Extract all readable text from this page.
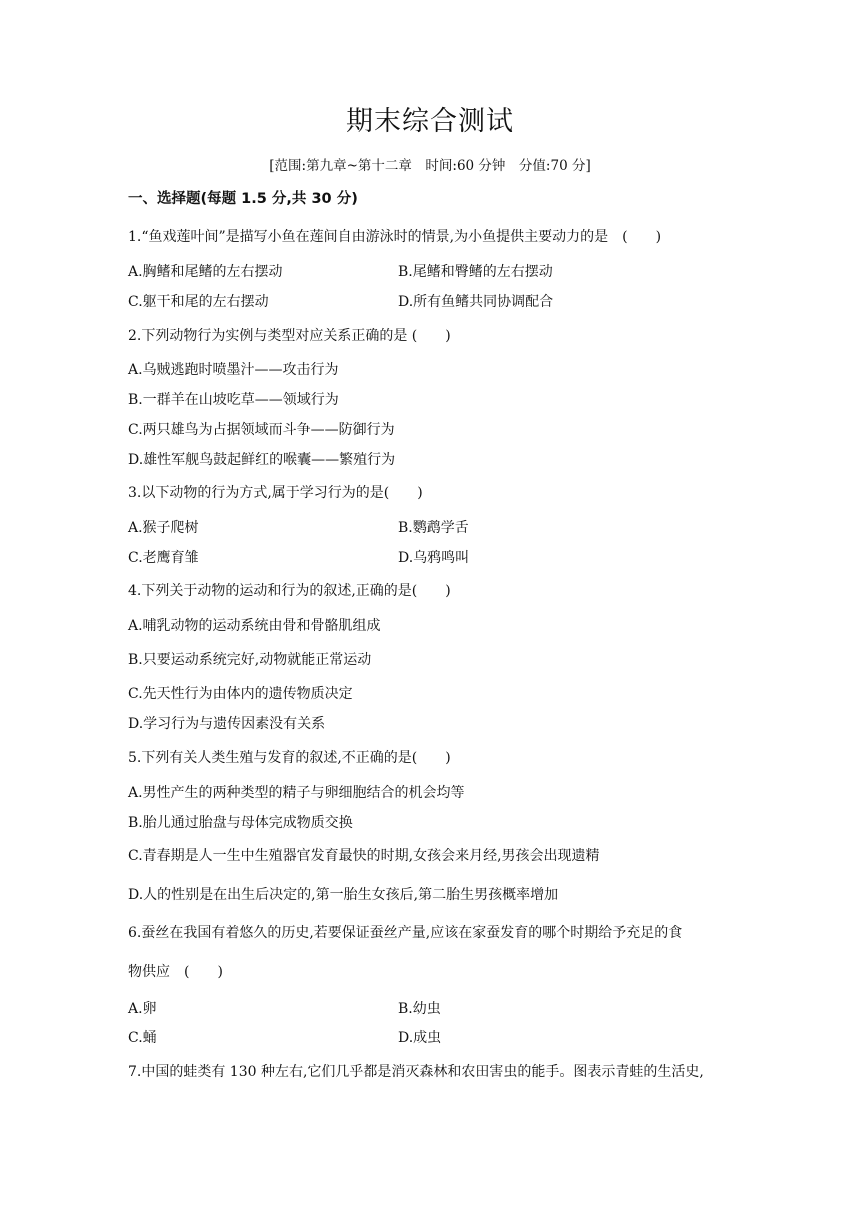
期末综合测试
[范围:第九章~第十二章　时间:60 分钟　分值:70 分]
一、选择题(每题 1.5 分,共 30 分)
1.“鱼戏莲叶间”是描写小鱼在莲间自由游泳时的情景,为小鱼提供主要动力的是　(　　)
A.胸鳍和尾鳍的左右摆动	B.尾鳍和臀鳍的左右摆动
C.躯干和尾的左右摆动	D.所有鱼鳍共同协调配合
2.下列动物行为实例与类型对应关系正确的是 (　　)
A.乌贼逃跑时喷墨汁——攻击行为
B.一群羊在山坡吃草——领域行为
C.两只雄鸟为占据领域而斗争——防御行为
D.雄性军舰鸟鼓起鲜红的喉囊——繁殖行为
3.以下动物的行为方式,属于学习行为的是(　　)
A.猴子爬树	B.鹦鹉学舌
C.老鹰育雏	D.乌鸦鸣叫
4.下列关于动物的运动和行为的叙述,正确的是(　　)
A.哺乳动物的运动系统由骨和骨骼肌组成
B.只要运动系统完好,动物就能正常运动
C.先天性行为由体内的遗传物质决定
D.学习行为与遗传因素没有关系
5.下列有关人类生殖与发育的叙述,不正确的是(　　)
A.男性产生的两种类型的精子与卵细胞结合的机会均等
B.胎儿通过胎盘与母体完成物质交换
C.青春期是人一生中生殖器官发育最快的时期,女孩会来月经,男孩会出现遗精
D.人的性别是在出生后决定的,第一胎生女孩后,第二胎生男孩概率增加
6.蚕丝在我国有着悠久的历史,若要保证蚕丝产量,应该在家蚕发育的哪个时期给予充足的食
物供应　(　　)
A.卵	B.幼虫
C.蛹	D.成虫
7.中国的蛙类有 130 种左右,它们几乎都是消灭森林和农田害虫的能手。图表示青蛙的生活史,
